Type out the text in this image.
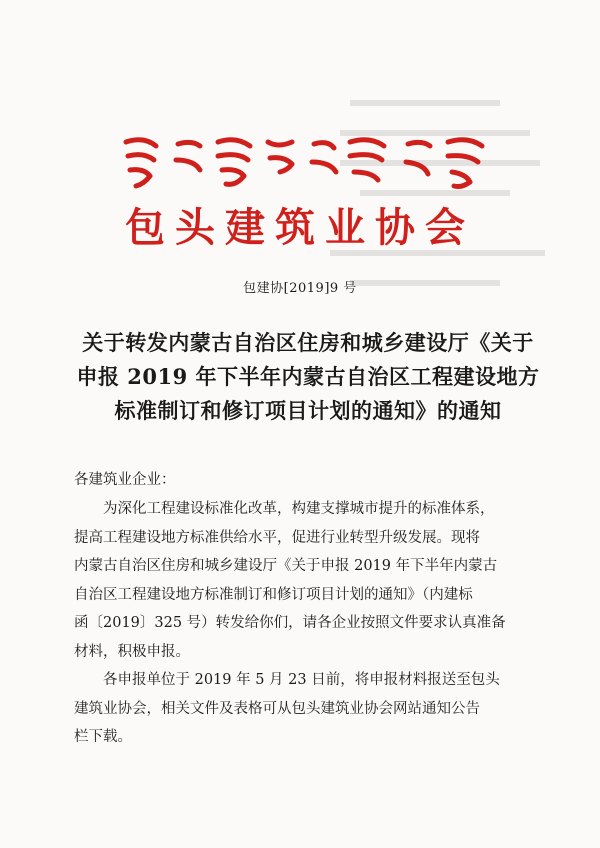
包头建筑业协会
包建协[2019]9 号
关于转发内蒙古自治区住房和城乡建设厅《关于
申报 2019 年下半年内蒙古自治区工程建设地方
标准制订和修订项目计划的通知》的通知
各建筑业企业：
　　为深化工程建设标准化改革，构建支撑城市提升的标准体系，
提高工程建设地方标准供给水平，促进行业转型升级发展。现将
内蒙古自治区住房和城乡建设厅《关于申报 2019 年下半年内蒙古
自治区工程建设地方标准制订和修订项目计划的通知》（内建标
函〔2019〕325 号）转发给你们，请各企业按照文件要求认真准备
材料，积极申报。
　　各申报单位于 2019 年 5 月 23 日前，将申报材料报送至包头
建筑业协会，相关文件及表格可从包头建筑业协会网站通知公告
栏下载。
